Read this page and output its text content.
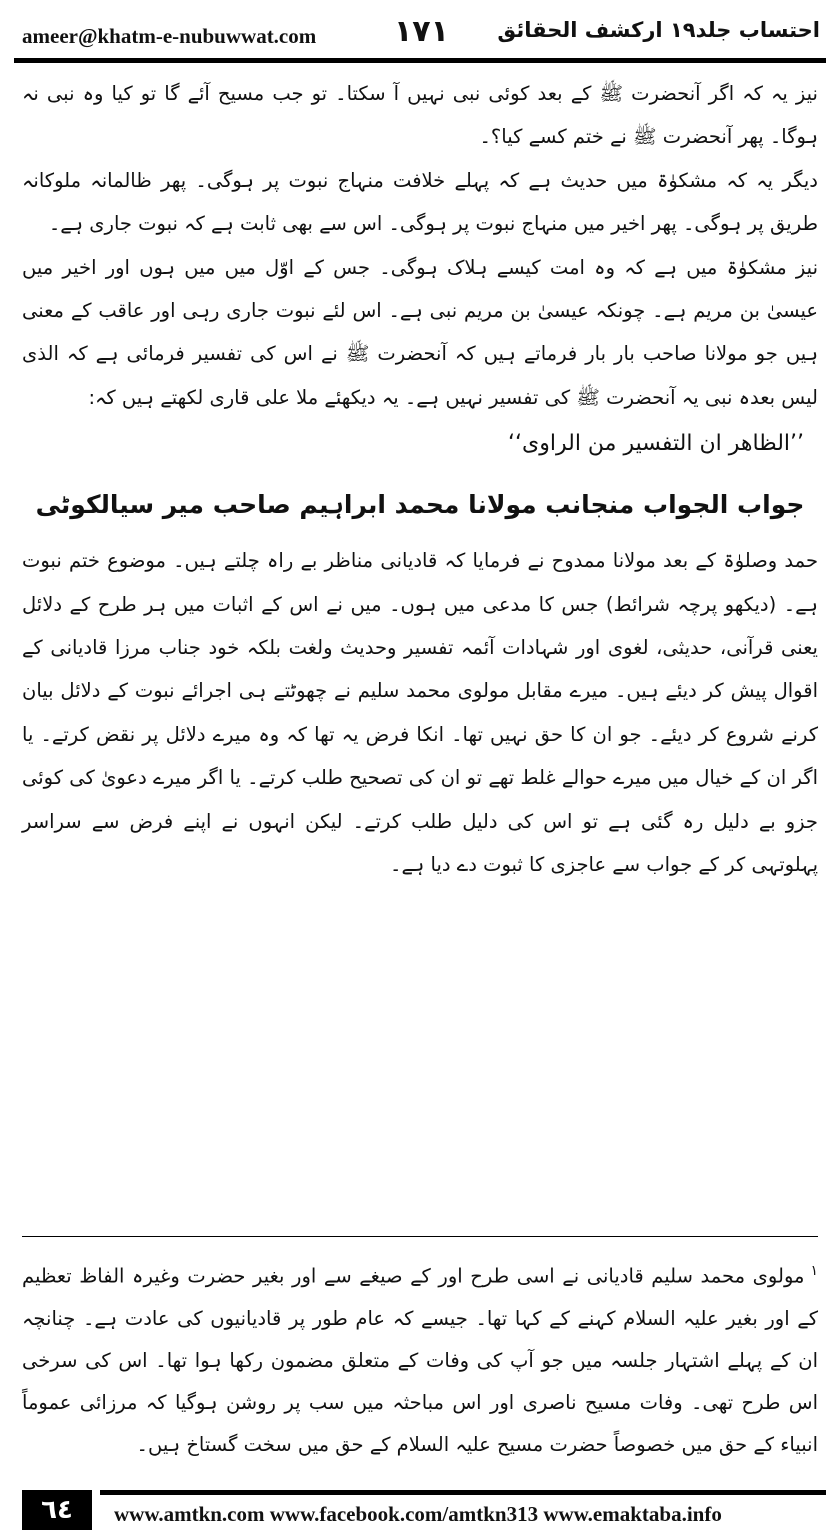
ameer@khatm-e-nubuwwat.com	١٧١ احتساب جلد١٩ ارکشف الحقائق

نیز یہ کہ اگر آنحضرت ﷺ کے بعد کوئی نبی نہیں آ سکتا۔ تو جب مسیح آئے گا تو کیا وہ نبی نہ ہوگا۔ پھر آنحضرت ﷺ نے ختم کسے کیا؟۔

دیگر یہ کہ مشکوٰۃ میں حدیث ہے کہ پہلے خلافت منہاج نبوت پر ہوگی۔ پھر ظالمانہ ملوکانہ طریق پر ہوگی۔ پھر اخیر میں منہاج نبوت پر ہوگی۔ اس سے بھی ثابت ہے کہ نبوت جاری ہے۔

نیز مشکوٰۃ میں ہے کہ وہ امت کیسے ہلاک ہوگی۔ جس کے اوّل میں میں ہوں اور اخیر میں عیسیٰ بن مریم ہے۔ چونکہ عیسیٰ بن مریم نبی ہے۔ اس لئے نبوت جاری رہی اور عاقب کے معنی ہیں جو مولانا صاحب بار بار فرماتے ہیں کہ آنحضرت ﷺ نے اس کی تفسیر فرمائی ہے کہ الذی لیس بعدہ نبی یہ آنحضرت ﷺ کی تفسیر نہیں ہے۔ یہ دیکھئے ملا علی قاری لکھتے ہیں کہ:

’’الظاهر ان التفسير من الراوی‘‘
جواب الجواب منجانب مولانا محمد ابراہیم صاحب میر سیالکوٹی

حمد وصلوٰۃ کے بعد مولانا ممدوح نے فرمایا کہ قادیانی مناظر بے راہ چلتے ہیں۔ موضوع ختم نبوت ہے۔ (دیکھو پرچہ شرائط) جس کا مدعی میں ہوں۔ میں نے اس کے اثبات میں ہر طرح کے دلائل یعنی قرآنی، حدیثی، لغوی اور شہادات آئمہ تفسیر وحدیث ولغت بلکہ خود جناب مرزا قادیانی کے اقوال پیش کر دیئے ہیں۔ میرے مقابل مولوی محمد سلیم نے چھوٹتے ہی اجرائے نبوت کے دلائل بیان کرنے شروع کر دیئے۔ جو ان کا حق نہیں تھا۔ انکا فرض یہ تھا کہ وہ میرے دلائل پر نقض کرتے۔ یا اگر ان کے خیال میں میرے حوالے غلط تھے تو ان کی تصحیح طلب کرتے۔ یا اگر میرے دعویٰ کی کوئی جزو بے دلیل رہ گئی ہے تو اس کی دلیل طلب کرتے۔ لیکن انہوں نے اپنے فرض سے سراسر پہلوتہی کر کے جواب سے عاجزی کا ثبوت دے دیا ہے۔

$^۱$مولوی محمد سلیم قادیانی نے اسی طرح اور کے صیغے سے اور بغیر حضرت وغیرہ الفاظ تعظیم کے اور بغیر علیہ السلام کہنے کے کہا تھا۔ جیسے کہ عام طور پر قادیانیوں کی عادت ہے۔ چنانچہ ان کے پہلے اشتہار جلسہ میں جو آپ کی وفات کے متعلق مضمون رکھا ہوا تھا۔ اس کی سرخی اس طرح تھی۔ وفات مسیح ناصری اور اس مباحثہ میں سب پر روشن ہوگیا کہ مرزائی عموماً انبیاء کے حق میں خصوصاً حضرت مسیح علیہ السلام کے حق میں سخت گستاخ ہیں۔

٦٤	www.amtkn.com www.facebook.com/amtkn313 www.emaktaba.info
